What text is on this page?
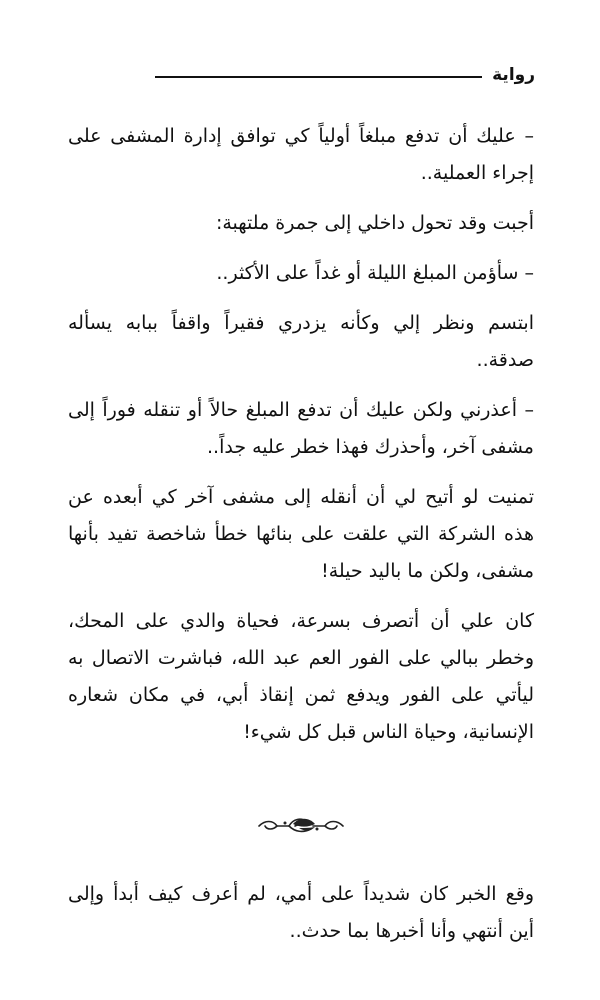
رواية

– عليك أن تدفع مبلغاً أولياً كي توافق إدارة المشفى على إجراء العملية..

أجبت وقد تحول داخلي إلى جمرة ملتهبة:

– سأؤمن المبلغ الليلة أو غداً على الأكثر..

ابتسم ونظر إلي وكأنه يزدري فقيراً واقفاً ببابه يسأله صدقة..

– أعذرني ولكن عليك أن تدفع المبلغ حالاً أو تنقله فوراً إلى مشفى آخر، وأحذرك فهذا خطر عليه جداً..

تمنيت لو أتيح لي أن أنقله إلى مشفى آخر كي أبعده عن هذه الشركة التي علقت على بنائها خطأ شاخصة تفيد بأنها مشفى، ولكن ما باليد حيلة!

كان علي أن أتصرف بسرعة، فحياة والدي على المحك، وخطر ببالي على الفور العم عبد الله، فباشرت الاتصال به ليأتي على الفور ويدفع ثمن إنقاذ أبي، في مكان شعاره الإنسانية، وحياة الناس قبل كل شيء!

وقع الخبر كان شديداً على أمي، لم أعرف كيف أبدأ وإلى أين أنتهي وأنا أخبرها بما حدث..
